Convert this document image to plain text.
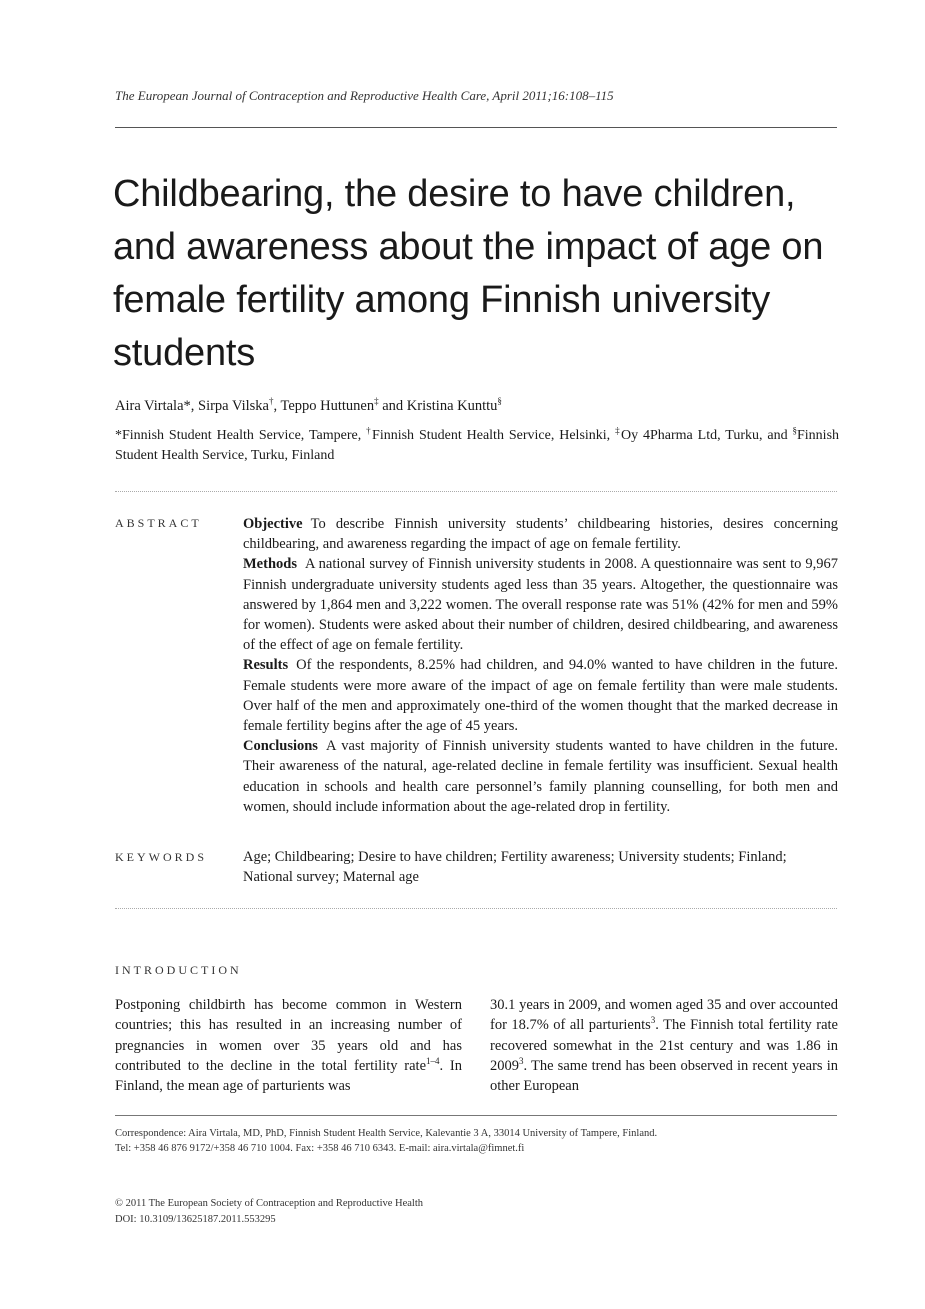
The European Journal of Contraception and Reproductive Health Care, April 2011;16:108–115
Childbearing, the desire to have children, and awareness about the impact of age on female fertility among Finnish university students
Aira Virtala*, Sirpa Vilska†, Teppo Huttunen‡ and Kristina Kunttu§
*Finnish Student Health Service, Tampere, †Finnish Student Health Service, Helsinki, ‡Oy 4Pharma Ltd, Turku, and §Finnish Student Health Service, Turku, Finland
ABSTRACT	Objective To describe Finnish university students’ childbearing histories, desires concerning childbearing, and awareness regarding the impact of age on female fertility.

Methods A national survey of Finnish university students in 2008. A questionnaire was sent to 9,967 Finnish undergraduate university students aged less than 35 years. Altogether, the questionnaire was answered by 1,864 men and 3,222 women. The overall response rate was 51% (42% for men and 59% for women). Students were asked about their number of children, desired childbearing, and awareness of the effect of age on female fertility.

Results Of the respondents, 8.25% had children, and 94.0% wanted to have children in the future. Female students were more aware of the impact of age on female fertility than were male students. Over half of the men and approximately one-third of the women thought that the marked decrease in female fertility begins after the age of 45 years.

Conclusions A vast majority of Finnish university students wanted to have children in the future. Their awareness of the natural, age-related decline in female fertility was insufficient. Sexual health education in schools and health care personnel’s family planning counselling, for both men and women, should include information about the age-related drop in fertility.

KEYWORDS Age; Childbearing; Desire to have children; Fertility awareness; University students; Finland; National survey; Maternal age
INTRODUCTION
Postponing childbirth has become common in Western countries; this has resulted in an increasing number of pregnancies in women over 35 years old and has contributed to the decline in the total fertility rate$^{1-4}$. In Finland, the mean age of parturients was
30.1 years in 2009, and women aged 35 and over accounted for 18.7% of all parturients$^3$. The Finnish total fertility rate recovered somewhat in the 21st century and was 1.86 in 2009$^3$. The same trend has been observed in recent years in other European
Correspondence: Aira Virtala, MD, PhD, Finnish Student Health Service, Kalevantie 3 A, 33014 University of Tampere, Finland.
Tel: +358 46 876 9172/+358 46 710 1004. Fax: +358 46 710 6343. E-mail: aira.virtala@fimnet.fi
© 2011 The European Society of Contraception and Reproductive Health
DOI: 10.3109/13625187.2011.553295
